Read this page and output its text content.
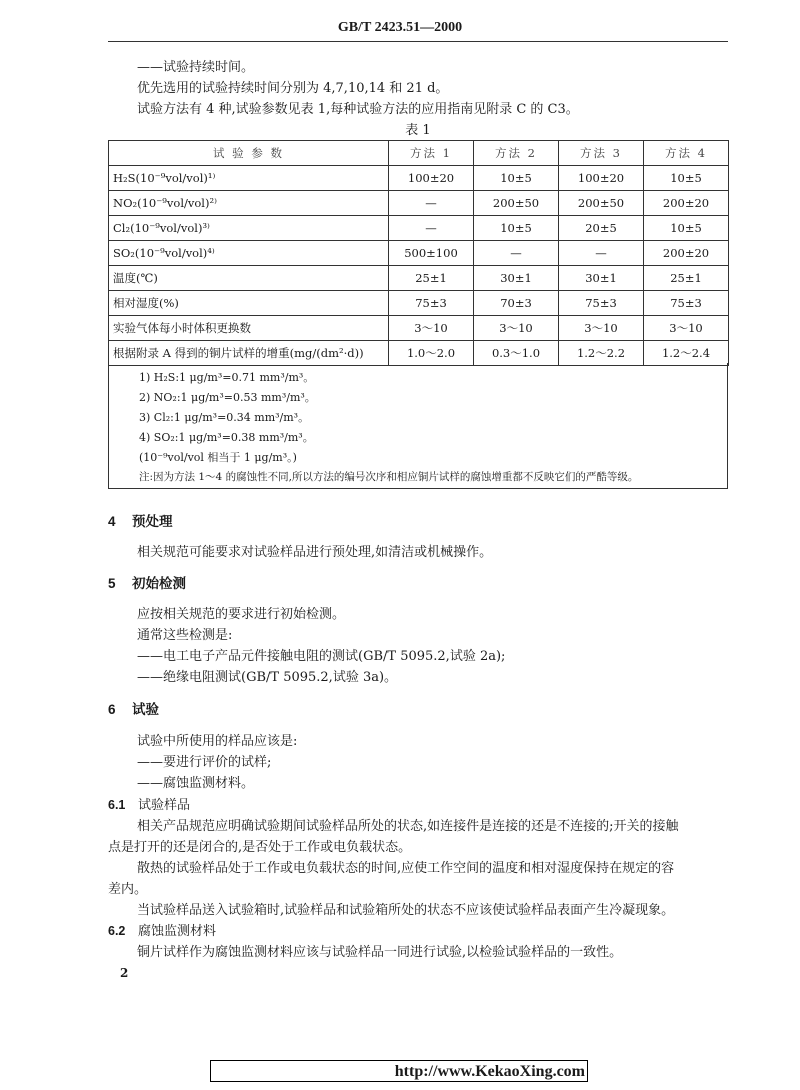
GB/T 2423.51—2000
——试验持续时间。
优先选用的试验持续时间分别为 4,7,10,14 和 21 d。
试验方法有 4 种,试验参数见表 1,每种试验方法的应用指南见附录 C 的 C3。
表 1
试 验 参 数	方法 1	方法 2	方法 3	方法 4
H₂S(10⁻⁹vol/vol)¹⁾	100±20	10±5	100±20	10±5
NO₂(10⁻⁹vol/vol)²⁾	—	200±50	200±50	200±20
Cl₂(10⁻⁹vol/vol)³⁾	—	10±5	20±5	10±5
SO₂(10⁻⁹vol/vol)⁴⁾	500±100	—	—	200±20
温度(℃)	25±1	30±1	30±1	25±1
相对湿度(%)	75±3	70±3	75±3	75±3
实验气体每小时体积更换数	3～10	3～10	3～10	3～10
根据附录 A 得到的铜片试样的增重(mg/(dm²·d))	1.0～2.0	0.3～1.0	1.2～2.2	1.2～2.4
1) H₂S:1 μg/m³=0.71 mm³/m³。
2) NO₂:1 μg/m³=0.53 mm³/m³。
3) Cl₂:1 μg/m³=0.34 mm³/m³。
4) SO₂:1 μg/m³=0.38 mm³/m³。
(10⁻⁹vol/vol 相当于 1 μg/m³。)
注:因为方法 1～4 的腐蚀性不同,所以方法的编号次序和相应铜片试样的腐蚀增重都不反映它们的严酷等级。
4 预处理
相关规范可能要求对试验样品进行预处理,如清洁或机械操作。
5 初始检测
应按相关规范的要求进行初始检测。
通常这些检测是:
——电工电子产品元件接触电阻的测试(GB/T 5095.2,试验 2a);
——绝缘电阻测试(GB/T 5095.2,试验 3a)。
6 试验
试验中所使用的样品应该是:
——要进行评价的试样;
——腐蚀监测材料。
6.1 试验样品
相关产品规范应明确试验期间试验样品所处的状态,如连接件是连接的还是不连接的;开关的接触
点是打开的还是闭合的,是否处于工作或电负载状态。
散热的试验样品处于工作或电负载状态的时间,应使工作空间的温度和相对湿度保持在规定的容
差内。
当试验样品送入试验箱时,试验样品和试验箱所处的状态不应该使试验样品表面产生冷凝现象。
6.2 腐蚀监测材料
铜片试样作为腐蚀监测材料应该与试验样品一同进行试验,以检验试验样品的一致性。
2
http://www.KekaoXing.com
